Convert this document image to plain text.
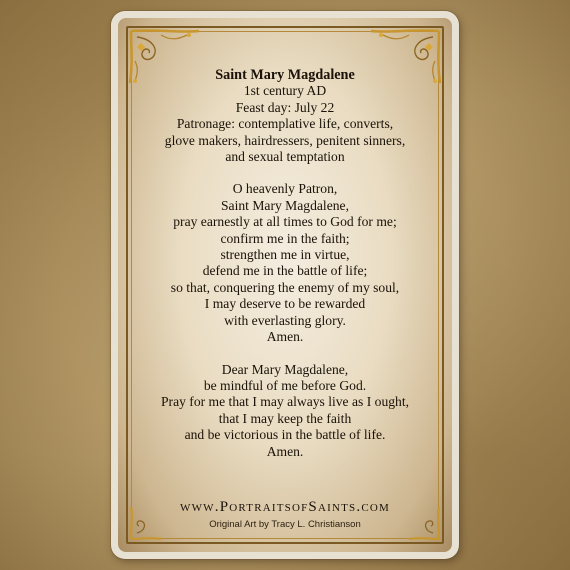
Saint Mary Magdalene
1st century AD
Feast day: July 22
Patronage: contemplative life, converts,
glove makers, hairdressers, penitent sinners,
and sexual temptation
O heavenly Patron,
Saint Mary Magdalene,
pray earnestly at all times to God for me;
confirm me in the faith;
strengthen me in virtue,
defend me in the battle of life;
so that, conquering the enemy of my soul,
I may deserve to be rewarded
with everlasting glory.
Amen.
Dear Mary Magdalene,
be mindful of me before God.
Pray for me that I may always live as I ought,
that I may keep the faith
and be victorious in the battle of life.
Amen.
www.PortraitsofSaints.com
Original Art by Tracy L. Christianson
